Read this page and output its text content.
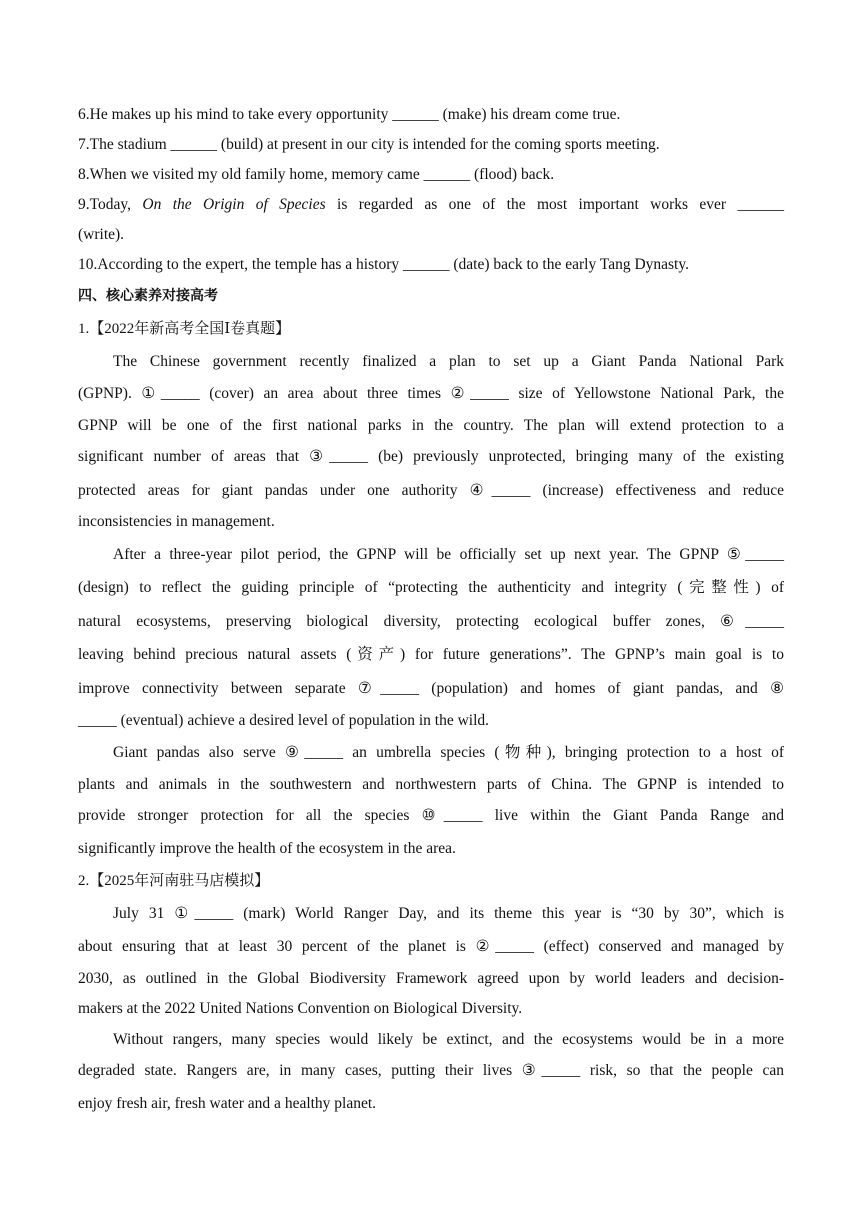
6.He makes up his mind to take every opportunity ______ (make) his dream come true.
7.The stadium ______ (build) at present in our city is intended for the coming sports meeting.
8.When we visited my old family home, memory came ______ (flood) back.
9.Today, On the Origin of Species is regarded as one of the most important works ever ______
(write).
10.According to the expert, the temple has a history ______ (date) back to the early Tang Dynasty.
四、核心素养对接高考
1.【2022年新高考全国Ⅰ卷真题】
The Chinese government recently finalized a plan to set up a Giant Panda National Park
(GPNP). ①_____ (cover) an area about three times ②_____ size of Yellowstone National Park, the
GPNP will be one of the first national parks in the country. The plan will extend protection to a
significant number of areas that ③_____ (be) previously unprotected, bringing many of the existing
protected areas for giant pandas under one authority ④_____ (increase) effectiveness and reduce
inconsistencies in management.
After a three-year pilot period, the GPNP will be officially set up next year. The GPNP ⑤_____
(design) to reflect the guiding principle of “protecting the authenticity and integrity (完整性) of
natural ecosystems, preserving biological diversity, protecting ecological buffer zones, ⑥_____
leaving behind precious natural assets (资产) for future generations”. The GPNP’s main goal is to
improve connectivity between separate ⑦_____ (population) and homes of giant pandas, and ⑧
_____ (eventual) achieve a desired level of population in the wild.
Giant pandas also serve ⑨_____ an umbrella species (物种), bringing protection to a host of
plants and animals in the southwestern and northwestern parts of China. The GPNP is intended to
provide stronger protection for all the species ⑩_____ live within the Giant Panda Range and
significantly improve the health of the ecosystem in the area.
2.【2025年河南驻马店模拟】
July 31 ①_____ (mark) World Ranger Day, and its theme this year is “30 by 30”, which is
about ensuring that at least 30 percent of the planet is ②_____ (effect) conserved and managed by
2030, as outlined in the Global Biodiversity Framework agreed upon by world leaders and decision-
makers at the 2022 United Nations Convention on Biological Diversity.
Without rangers, many species would likely be extinct, and the ecosystems would be in a more
degraded state. Rangers are, in many cases, putting their lives ③_____ risk, so that the people can
enjoy fresh air, fresh water and a healthy planet.
